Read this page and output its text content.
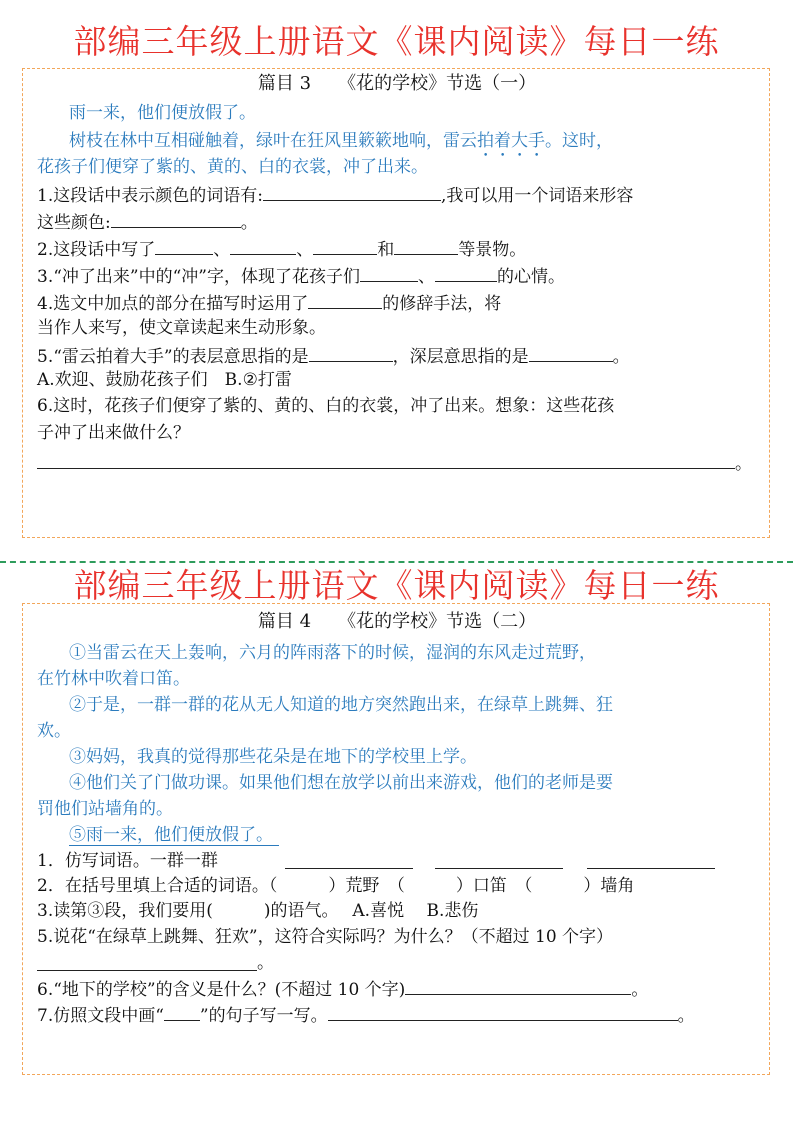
部编三年级上册语文《课内阅读》每日一练
篇目 3　　《花的学校》节选（一）
雨一来，他们便放假了。
树枝在林中互相碰触着，绿叶在狂风里簌簌地响，雷云拍着大手。这时，
花孩子们便穿了紫的、黄的、白的衣裳，冲了出来。
1.这段话中表示颜色的词语有:	,我可以用一个词语来形容
这些颜色:	。
2.这段话中写了	、	、	和	等景物。
3.“冲了出来”中的“冲”字，体现了花孩子们	、	的心情。
4.选文中加点的部分在描写时运用了	的修辞手法，将
当作人来写，使文章读起来生动形象。
5.“雷云拍着大手”的表层意思指的是	，深层意思指的是	。
A.欢迎、鼓励花孩子们　B.②打雷
6.这时，花孩子们便穿了紫的、黄的、白的衣裳，冲了出来。想象：这些花孩
子冲了出来做什么？
。
部编三年级上册语文《课内阅读》每日一练
篇目 4　　《花的学校》节选（二）
①当雷云在天上轰响，六月的阵雨落下的时候，湿润的东风走过荒野，
在竹林中吹着口笛。
②于是，一群一群的花从无人知道的地方突然跑出来，在绿草上跳舞、狂
欢。
③妈妈，我真的觉得那些花朵是在地下的学校里上学。
④他们关了门做功课。如果他们想在放学以前出来游戏，他们的老师是要
罚他们站墙角的。
⑤雨一来，他们便放假了。
1．仿写词语。一群一群
2．在括号里填上合适的词语。（　　　）荒野　（　　　）口笛　（　　　）墙角
3.读第③段，我们要用(　　　)的语气。　 A.喜悦　 B.悲伤
5.说花“在绿草上跳舞、狂欢”，这符合实际吗？为什么？（不超过 10 个字）
。
6.“地下的学校”的含义是什么？(不超过 10 个字)	。
7.仿照文段中画“ ”的句子写一写。	。
